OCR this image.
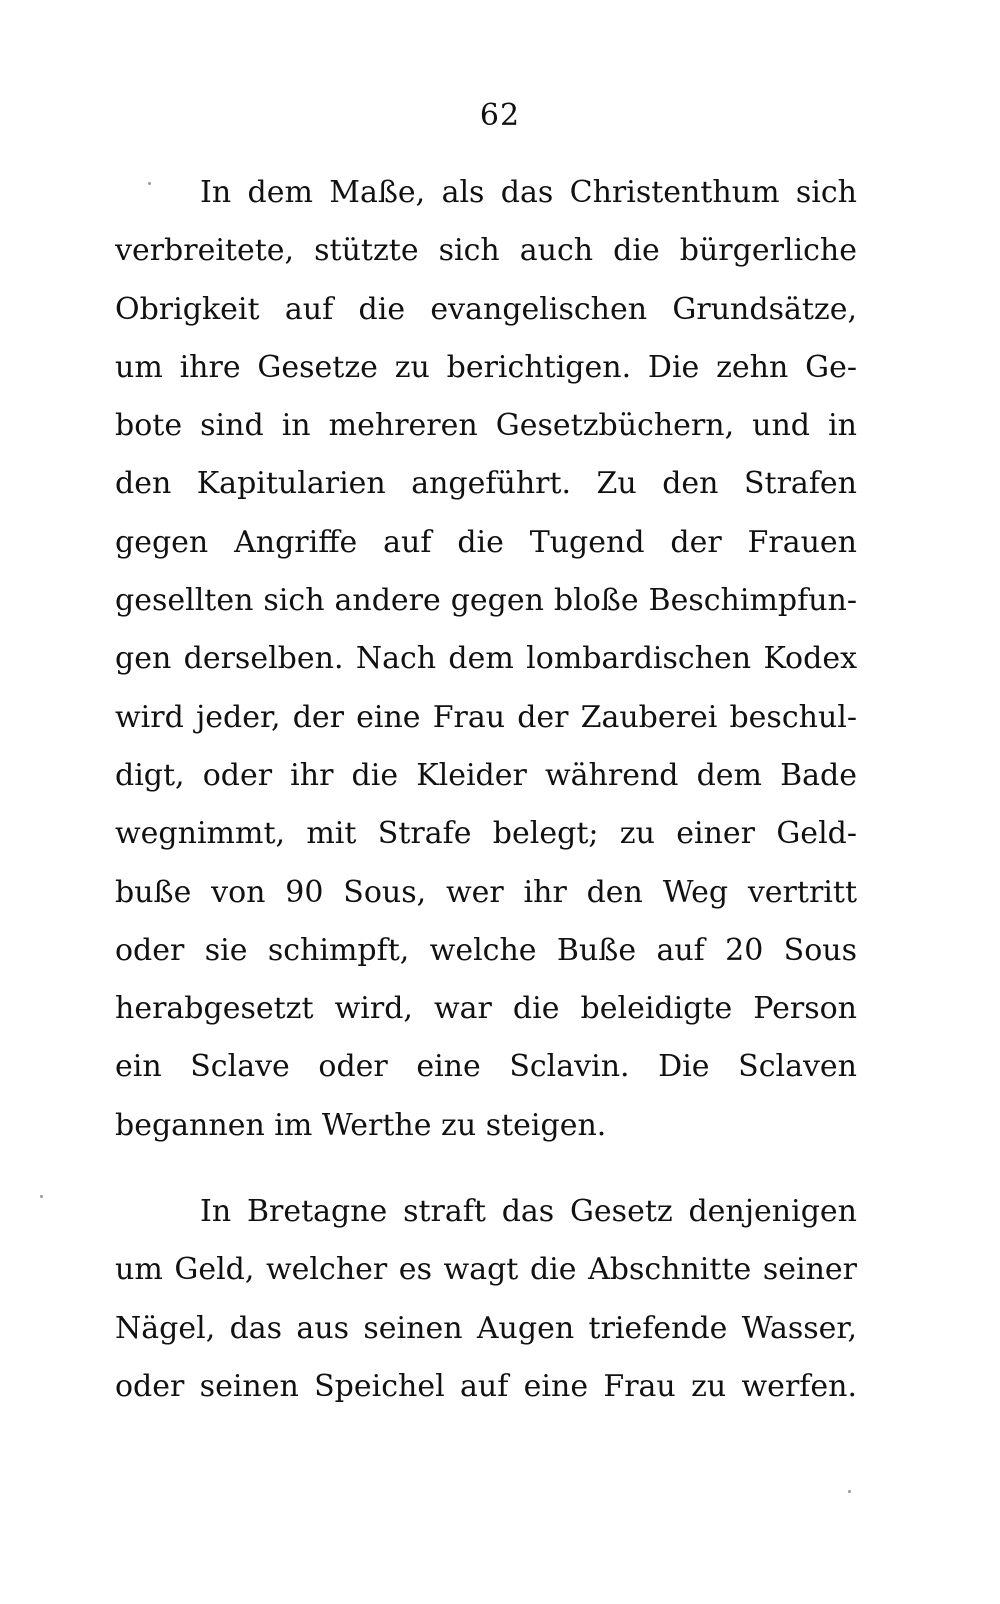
62
In dem Maße, als das Christenthum sich
verbreitete, stützte sich auch die bürgerliche
Obrigkeit auf die evangelischen Grundsätze,
um ihre Gesetze zu berichtigen. Die zehn Ge-
bote sind in mehreren Gesetzbüchern, und in
den Kapitularien angeführt. Zu den Strafen
gegen Angriffe auf die Tugend der Frauen
gesellten sich andere gegen bloße Beschimpfun-
gen derselben. Nach dem lombardischen Kodex
wird jeder, der eine Frau der Zauberei beschul-
digt, oder ihr die Kleider während dem Bade
wegnimmt, mit Strafe belegt; zu einer Geld-
buße von 90 Sous, wer ihr den Weg vertritt
oder sie schimpft, welche Buße auf 20 Sous
herabgesetzt wird, war die beleidigte Person
ein Sclave oder eine Sclavin. Die Sclaven
begannen im Werthe zu steigen.
In Bretagne straft das Gesetz denjenigen
um Geld, welcher es wagt die Abschnitte seiner
Nägel, das aus seinen Augen triefende Wasser,
oder seinen Speichel auf eine Frau zu werfen.
